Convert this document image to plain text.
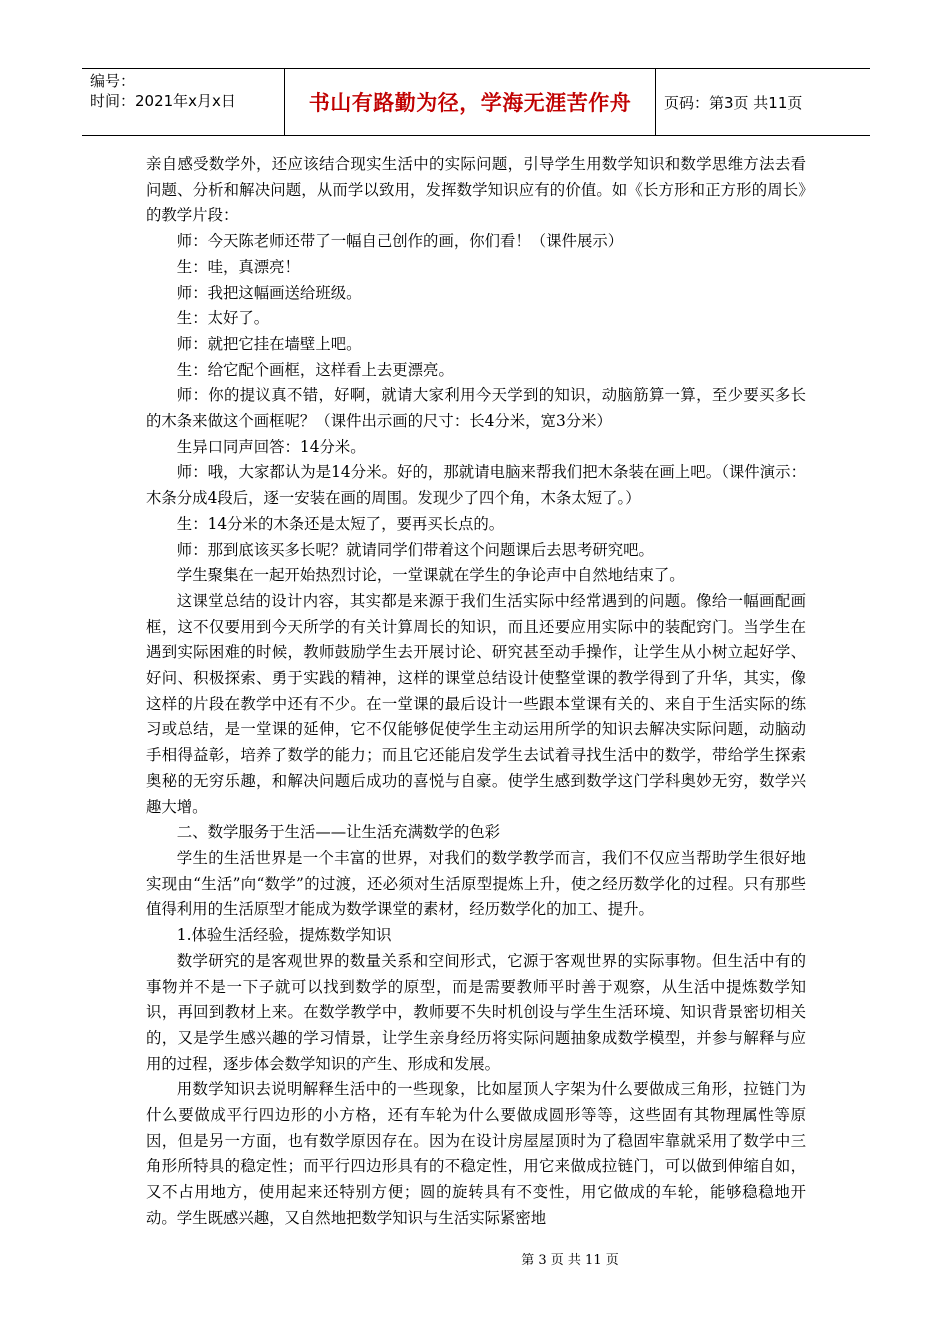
编号：
时间：2021年x月x日	书山有路勤为径，学海无涯苦作舟	页码：第3页 共11页

亲自感受数学外，还应该结合现实生活中的实际问题，引导学生用数学知识和数学思维方法去看问题、分析和解决问题，从而学以致用，发挥数学知识应有的价值。如《长方形和正方形的周长》的教学片段：

师：今天陈老师还带了一幅自己创作的画，你们看！（课件展示）

生：哇，真漂亮！

师：我把这幅画送给班级。

生：太好了。

师：就把它挂在墙壁上吧。

生：给它配个画框，这样看上去更漂亮。

师：你的提议真不错，好啊，就请大家利用今天学到的知识，动脑筋算一算，至少要买多长的木条来做这个画框呢？（课件出示画的尺寸：长4分米，宽3分米）

生异口同声回答：14分米。

师：哦，大家都认为是14分米。好的，那就请电脑来帮我们把木条装在画上吧。（课件演示：木条分成4段后，逐一安装在画的周围。发现少了四个角，木条太短了。）

生：14分米的木条还是太短了，要再买长点的。

师：那到底该买多长呢？就请同学们带着这个问题课后去思考研究吧。

学生聚集在一起开始热烈讨论，一堂课就在学生的争论声中自然地结束了。

这课堂总结的设计内容，其实都是来源于我们生活实际中经常遇到的问题。像给一幅画配画框，这不仅要用到今天所学的有关计算周长的知识，而且还要应用实际中的装配窍门。当学生在遇到实际困难的时候，教师鼓励学生去开展讨论、研究甚至动手操作，让学生从小树立起好学、好问、积极探索、勇于实践的精神，这样的课堂总结设计使整堂课的教学得到了升华，其实，像这样的片段在教学中还有不少。在一堂课的最后设计一些跟本堂课有关的、来自于生活实际的练习或总结，是一堂课的延伸，它不仅能够促使学生主动运用所学的知识去解决实际问题，动脑动手相得益彰，培养了数学的能力；而且它还能启发学生去试着寻找生活中的数学，带给学生探索奥秘的无穷乐趣，和解决问题后成功的喜悦与自豪。使学生感到数学这门学科奥妙无穷，数学兴趣大增。

二、数学服务于生活——让生活充满数学的色彩

学生的生活世界是一个丰富的世界，对我们的数学教学而言，我们不仅应当帮助学生很好地实现由“生活”向“数学”的过渡，还必须对生活原型提炼上升，使之经历数学化的过程。只有那些值得利用的生活原型才能成为数学课堂的素材，经历数学化的加工、提升。

1.体验生活经验，提炼数学知识

数学研究的是客观世界的数量关系和空间形式，它源于客观世界的实际事物。但生活中有的事物并不是一下子就可以找到数学的原型，而是需要教师平时善于观察，从生活中提炼数学知识，再回到教材上来。在数学教学中，教师要不失时机创设与学生生活环境、知识背景密切相关的，又是学生感兴趣的学习情景，让学生亲身经历将实际问题抽象成数学模型，并参与解释与应用的过程，逐步体会数学知识的产生、形成和发展。

用数学知识去说明解释生活中的一些现象，比如屋顶人字架为什么要做成三角形，拉链门为什么要做成平行四边形的小方格，还有车轮为什么要做成圆形等等，这些固有其物理属性等原因，但是另一方面，也有数学原因存在。因为在设计房屋屋顶时为了稳固牢靠就采用了数学中三角形所特具的稳定性；而平行四边形具有的不稳定性，用它来做成拉链门，可以做到伸缩自如，又不占用地方，使用起来还特别方便；圆的旋转具有不变性，用它做成的车轮，能够稳稳地开动。学生既感兴趣，又自然地把数学知识与生活实际紧密地

第 3 页 共 11 页
